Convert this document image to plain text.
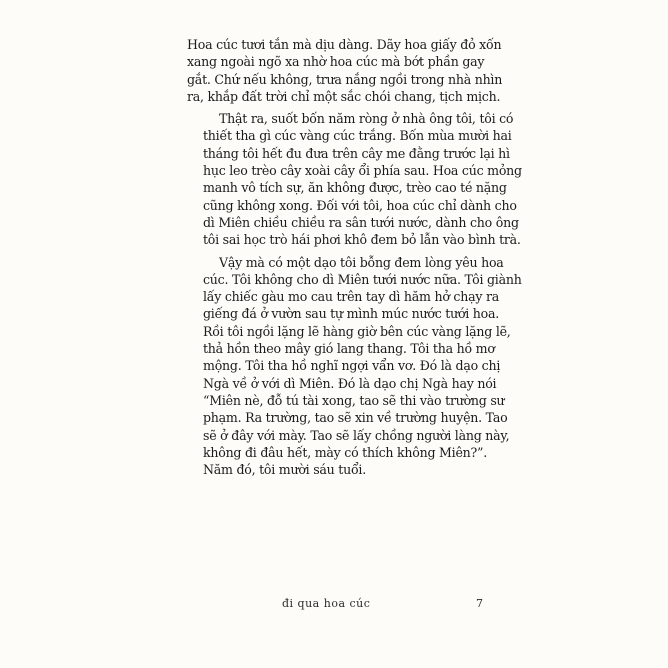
Hoa cúc tươi tắn mà dịu dàng. Dãy hoa giấy đỏ xốn
xang ngoài ngõ xa nhờ hoa cúc mà bớt phần gay
gắt. Chứ nếu không, trưa nắng ngồi trong nhà nhìn
ra, khắp đất trời chỉ một sắc chói chang, tịch mịch.
Thật ra, suốt bốn năm ròng ở nhà ông tôi, tôi có
thiết tha gì cúc vàng cúc trắng. Bốn mùa mười hai
tháng tôi hết đu đưa trên cây me đằng trước lại hì
hục leo trèo cây xoài cây ổi phía sau. Hoa cúc mỏng
manh vô tích sự, ăn không được, trèo cao té nặng
cũng không xong. Đối với tôi, hoa cúc chỉ dành cho
dì Miên chiều chiều ra sân tưới nước, dành cho ông
tôi sai học trò hái phơi khô đem bỏ lẫn vào bình trà.
Vậy mà có một dạo tôi bỗng đem lòng yêu hoa
cúc. Tôi không cho dì Miên tưới nước nữa. Tôi giành
lấy chiếc gàu mo cau trên tay dì hăm hở chạy ra
giếng đá ở vườn sau tự mình múc nước tưới hoa.
Rồi tôi ngồi lặng lẽ hàng giờ bên cúc vàng lặng lẽ,
thả hồn theo mây gió lang thang. Tôi tha hồ mơ
mộng. Tôi tha hồ nghĩ ngợi vẩn vơ. Đó là dạo chị
Ngà về ở với dì Miên. Đó là dạo chị Ngà hay nói
“Miên nè, đỗ tú tài xong, tao sẽ thi vào trường sư
phạm. Ra trường, tao sẽ xin về trường huyện. Tao
sẽ ở đây với mày. Tao sẽ lấy chồng người làng này,
không đi đâu hết, mày có thích không Miên?”.
Năm đó, tôi mười sáu tuổi.
đi qua hoa cúc	7
